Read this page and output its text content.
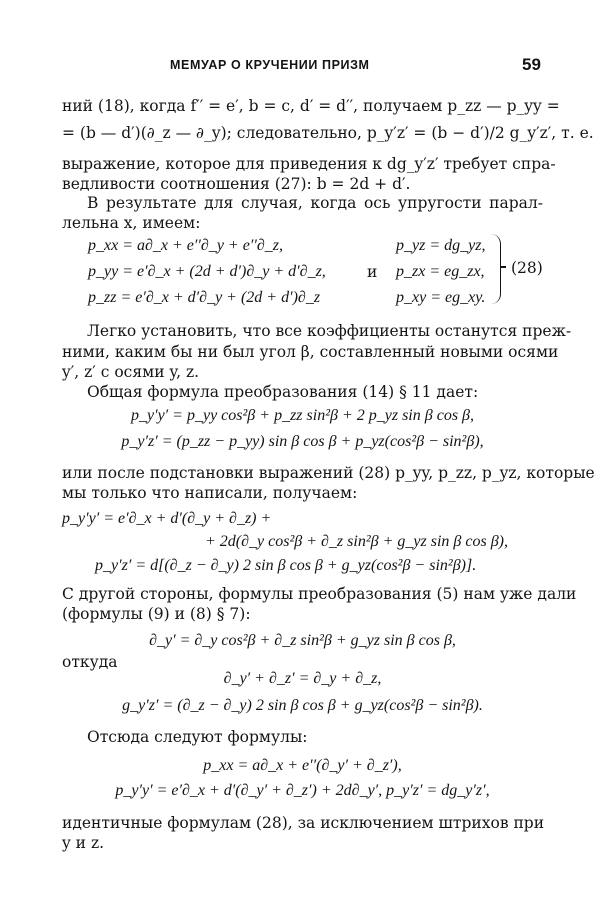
МЕМУАР О КРУЧЕНИИ ПРИЗМ	59
ний (18), когда f′′ = e′, b = c, d′ = d′′, получаем p_zz — p_yy =
= (b — d′)(∂_z — ∂_y); следовательно, p_y′z′ = (b − d′)/2 g_y′z′, т. е.
выражение, которое для приведения к dg_y′z′ требует спра-
ведливости соотношения (27): b = 2d + d′.
В результате для случая, когда ось упругости парал-
лельна x, имеем:
p_xx = a∂_x + e′′∂_y + e′′∂_z,
p_yy = e′∂_x + (2d + d′)∂_y + d′∂_z,
p_zz = e′∂_x + d′∂_y + (2d + d′)∂_z
и
p_yz = dg_yz,
p_zx = eg_zx,
p_xy = eg_xy.
(28)
Легко установить, что все коэффициенты останутся преж-
ними, каким бы ни был угол β, составленный новыми осями
y′, z′ с осями y, z.
Общая формула преобразования (14) § 11 дает:
p_y′y′ = p_yy cos²β + p_zz sin²β + 2 p_yz sin β cos β,
p_y′z′ = (p_zz − p_yy) sin β cos β + p_yz(cos²β − sin²β),
или после подстановки выражений (28) p_yy, p_zz, p_yz, которые
мы только что написали, получаем:
p_y′y′ = e′∂_x + d′(∂_y + ∂_z) +
+ 2d(∂_y cos²β + ∂_z sin²β + g_yz sin β cos β),
p_y′z′ = d[(∂_z − ∂_y) 2 sin β cos β + g_yz(cos²β − sin²β)].
С другой стороны, формулы преобразования (5) нам уже дали
(формулы (9) и (8) § 7):
∂_y′ = ∂_y cos²β + ∂_z sin²β + g_yz sin β cos β,
откуда
∂_y′ + ∂_z′ = ∂_y + ∂_z,
g_y′z′ = (∂_z − ∂_y) 2 sin β cos β + g_yz(cos²β − sin²β).
Отсюда следуют формулы:
p_xx = a∂_x + e′′(∂_y′ + ∂_z′),
p_y′y′ = e′∂_x + d′(∂_y′ + ∂_z′) + 2d∂_y′, p_y′z′ = dg_y′z′,
идентичные формулам (28), за исключением штрихов при
y и z.
